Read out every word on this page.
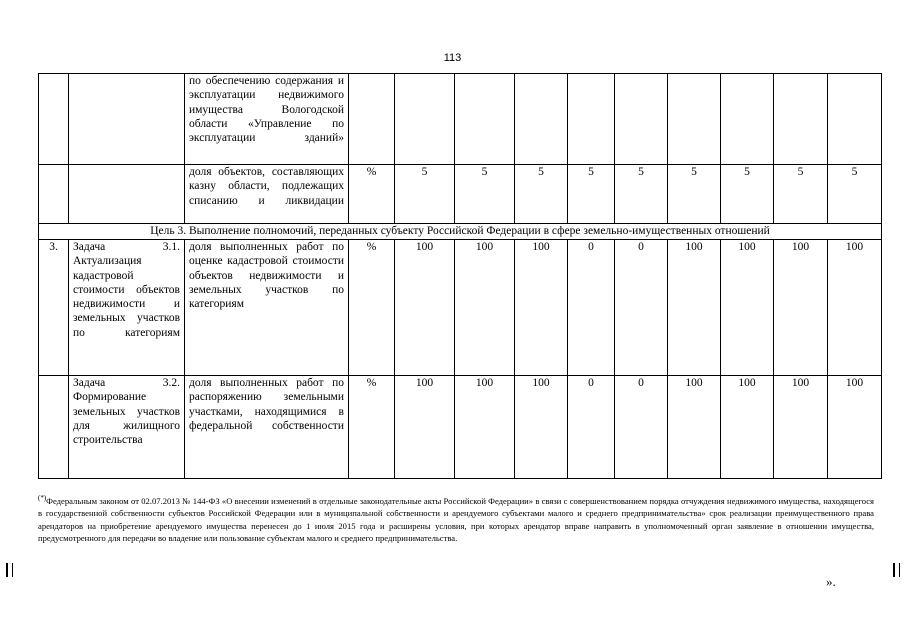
113
		по обеспечению содержания и эксплуатации недвижимого имущества Вологодской области «Управление по эксплуатации зданий»										
		доля объектов, составляющих казну области, подлежащих списанию и ликвидации	%	5	5	5	5	5	5	5	5	5
Цель 3. Выполнение полномочий, переданных субъекту Российской Федерации в сфере земельно-имущественных отношений												
3.	Задача 3.1. Актуализация кадастровой стоимости объектов недвижимости и земельных участков по категориям	доля выполненных работ по оценке кадастровой стоимости объектов недвижимости и земельных участков по категориям	%	100	100	100	0	0	100	100	100	100
	Задача 3.2. Формирование земельных участков для жилищного строительства	доля выполненных работ по распоряжению земельными участками, находящимися в федеральной собственности	%	100	100	100	0	0	100	100	100	100
(*)Федеральным законом от 02.07.2013 № 144-ФЗ «О внесении изменений в отдельные законодательные акты Российской Федерации» в связи с совершенствованием порядка отчуждения недвижимого имущества, находящегося в государственной собственности субъектов Российской Федерации или в муниципальной собственности и арендуемого субъектами малого и среднего предпринимательства» срок реализации преимущественного права арендаторов на приобретение арендуемого имущества перенесен до 1 июля 2015 года и расширены условия, при которых арендатор вправе направить в уполномоченный орган заявление в отношении имущества, предусмотренного для передачи во владение или пользование субъектам малого и среднего предпринимательства.
».
